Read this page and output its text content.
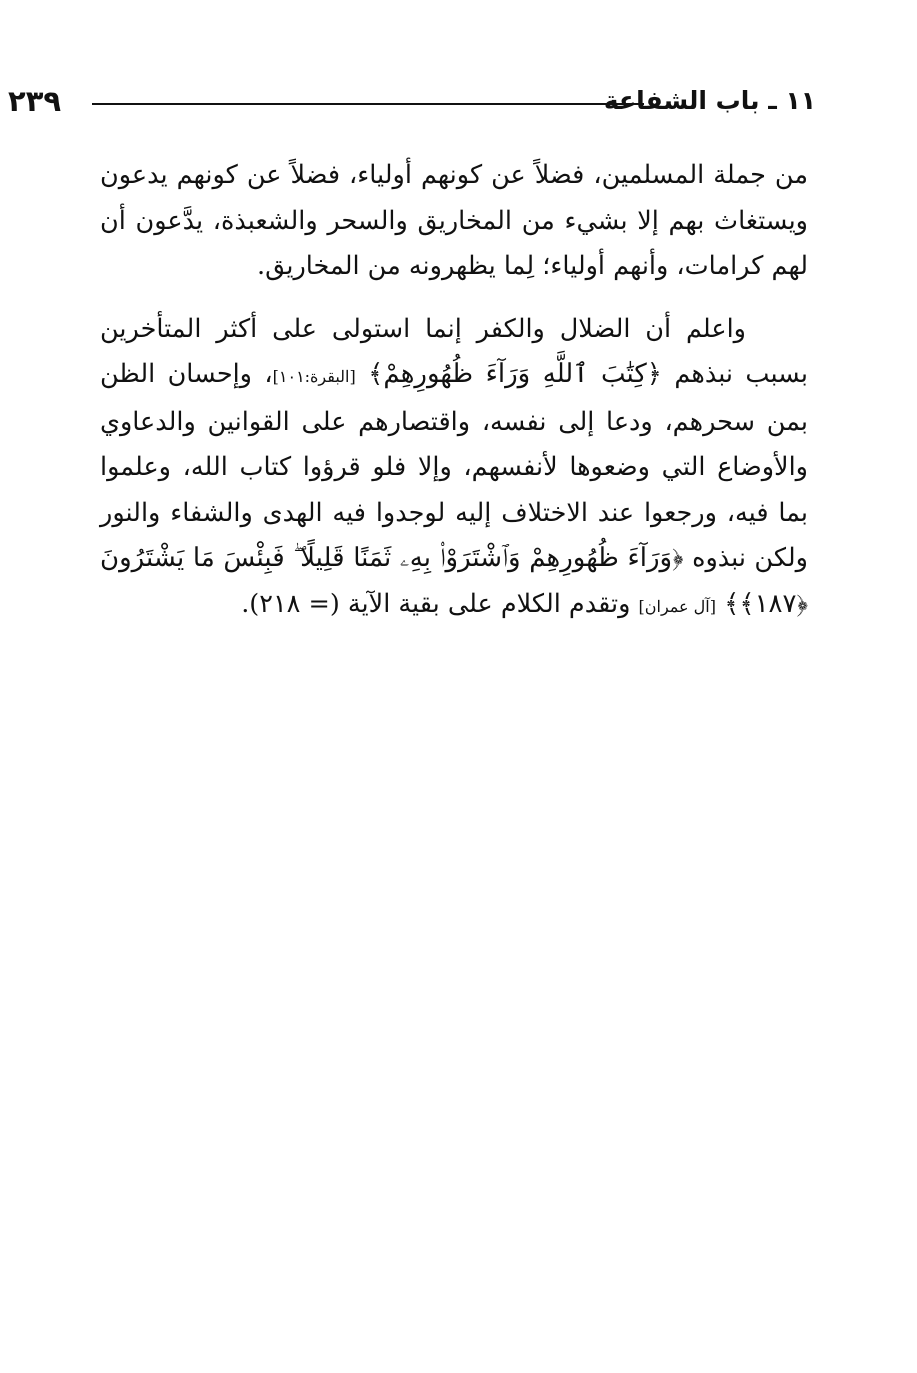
١١ ـ باب الشفاعة
٢٣٩

من جملة المسلمين، فضلاً عن كونهم أولياء، فضلاً عن كونهم يدعون ويستغاث بهم إلا بشيء من المخاريق والسحر والشعبذة، يدَّعون أن لهم كرامات، وأنهم أولياء؛ لِما يظهرونه من المخاريق.

واعلم أن الضلال والكفر إنما استولى على أكثر المتأخرين بسبب نبذهم ﴿كِتَٰبَ ٱللَّهِ وَرَآءَ ظُهُورِهِمْ﴾ [البقرة:١٠١]، وإحسان الظن بمن سحرهم، ودعا إلى نفسه، واقتصارهم على القوانين والدعاوي والأوضاع التي وضعوها لأنفسهم، وإلا فلو قرؤوا كتاب الله، وعلموا بما فيه، ورجعوا عند الاختلاف إليه لوجدوا فيه الهدى والشفاء والنور ولكن نبذوه ﴿وَرَآءَ ظُهُورِهِمْ وَٱشْتَرَوْا۟ بِهِۦ ثَمَنًا قَلِيلًا ۖ فَبِئْسَ مَا يَشْتَرُونَ ﴿١٨٧﴾﴾ [آل عمران] وتقدم الكلام على بقية الآية (= ٢١٨).
